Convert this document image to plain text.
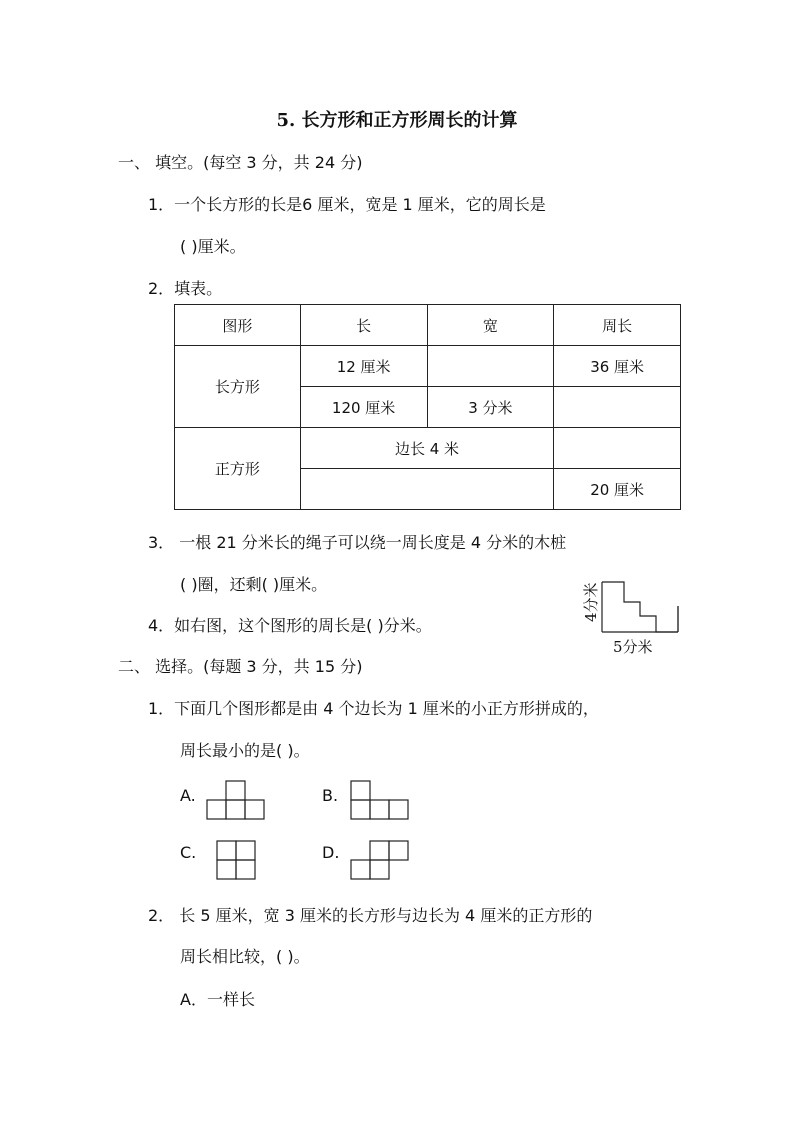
5. 长方形和正方形周长的计算
一、 填空。(每空 3 分，共 24 分)
1．一个长方形的长是6 厘米，宽是 1 厘米，它的周长是
( )厘米。
2．填表。
图形	长	宽	周长
长方形	12 厘米		36 厘米
	120 厘米	3 分米	
正方形	边长 4 米		
			20 厘米
3． 一根 21 分米长的绳子可以绕一周长度是 4 分米的木桩
( )圈，还剩( )厘米。
4．如右图，这个图形的周长是( )分米。
4分米
5分米
二、 选择。(每题 3 分，共 15 分)
1．下面几个图形都是由 4 个边长为 1 厘米的小正方形拼成的，
周长最小的是( )。
A.	B.
C.	D.
2． 长 5 厘米，宽 3 厘米的长方形与边长为 4 厘米的正方形的
周长相比较，( )。
A．一样长
